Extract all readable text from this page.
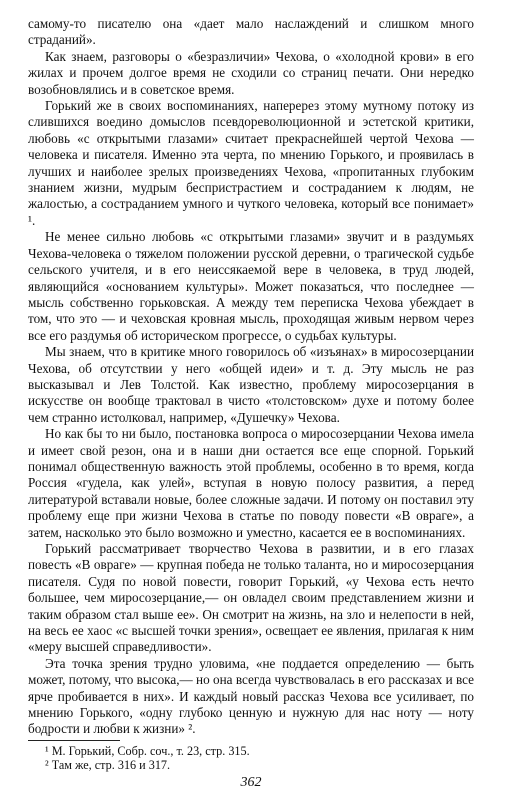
самому-то писателю она «дает мало наслаждений и слишком много страданий».

Как знаем, разговоры о «безразличии» Чехова, о «холодной крови» в его жилах и прочем долгое время не сходили со страниц печати. Они нередко возобновлялись и в советское время.

Горький же в своих воспоминаниях, наперерез этому мутному потоку из слившихся воедино домыслов псевдореволюционной и эстетской критики, любовь «с открытыми глазами» считает прекраснейшей чертой Чехова — человека и писателя. Именно эта черта, по мнению Горького, и проявилась в лучших и наиболее зрелых произведениях Чехова, «пропитанных глубоким знанием жизни, мудрым беспристрастием и состраданием к людям, не жалостью, а состраданием умного и чуткого человека, который все понимает» ¹.

Не менее сильно любовь «с открытыми глазами» звучит и в раздумьях Чехова-человека о тяжелом положении русской деревни, о трагической судьбе сельского учителя, и в его неиссякаемой вере в человека, в труд людей, являющийся «основанием культуры». Может показаться, что последнее — мысль собственно горьковская. А между тем переписка Чехова убеждает в том, что это — и чеховская кровная мысль, проходящая живым нервом через все его раздумья об историческом прогрессе, о судьбах культуры.

Мы знаем, что в критике много говорилось об «изъянах» в миросозерцании Чехова, об отсутствии у него «общей идеи» и т. д. Эту мысль не раз высказывал и Лев Толстой. Как известно, проблему миросозерцания в искусстве он вообще трактовал в чисто «толстовском» духе и потому более чем странно истолковал, например, «Душечку» Чехова.

Но как бы то ни было, постановка вопроса о миросозерцании Чехова имела и имеет свой резон, она и в наши дни остается все еще спорной. Горький понимал общественную важность этой проблемы, особенно в то время, когда Россия «гудела, как улей», вступая в новую полосу развития, а перед литературой вставали новые, более сложные задачи. И потому он поставил эту проблему еще при жизни Чехова в статье по поводу повести «В овраге», а затем, насколько это было возможно и уместно, касается ее в воспоминаниях.

Горький рассматривает творчество Чехова в развитии, и в его глазах повесть «В овраге» — крупная победа не только таланта, но и миросозерцания писателя. Судя по новой повести, говорит Горький, «у Чехова есть нечто большее, чем миросозерцание,— он овладел своим представлением жизни и таким образом стал выше ее». Он смотрит на жизнь, на зло и нелепости в ней, на весь ее хаос «с высшей точки зрения», освещает ее явления, прилагая к ним «меру высшей справедливости».

Эта точка зрения трудно уловима, «не поддается определению — быть может, потому, что высока,— но она всегда чувствовалась в его рассказах и все ярче пробивается в них». И каждый новый рассказ Чехова все усиливает, по мнению Горького, «одну глубоко ценную и нужную для нас ноту — ноту бодрости и любви к жизни» ².

¹ М. Горький, Собр. соч., т. 23, стр. 315.

² Там же, стр. 316 и 317.

362
